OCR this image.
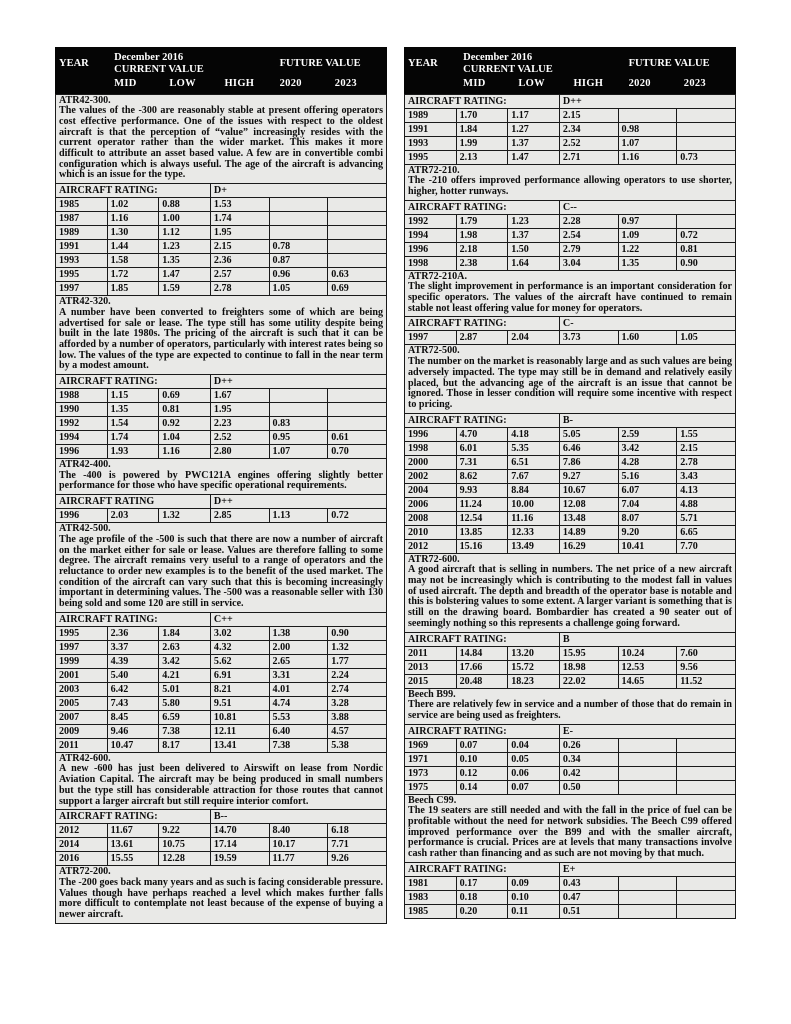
YEAR	December 2016
CURRENT VALUE			FUTURE VALUE	
	MID	LOW	HIGH	2020	2023
ATR42-300.
The values of the -300 are reasonably stable at present offering operators cost effective performance. One of the issues with respect to the oldest aircraft is that the perception of “value” increasingly resides with the current operator rather than the wider market. This makes it more difficult to attribute an asset based value. A few are in convertible combi configuration which is always useful. The age of the aircraft is advancing which is an issue for the type.
AIRCRAFT RATING:			D+		
1985	1.02	0.88	1.53		
1987	1.16	1.00	1.74		
1989	1.30	1.12	1.95		
1991	1.44	1.23	2.15	0.78	
1993	1.58	1.35	2.36	0.87	
1995	1.72	1.47	2.57	0.96	0.63
1997	1.85	1.59	2.78	1.05	0.69
ATR42-320.
A number have been converted to freighters some of which are being advertised for sale or lease. The type still has some utility despite being built in the late 1980s. The pricing of the aircraft is such that it can be afforded by a number of operators, particularly with interest rates being so low. The values of the type are expected to continue to fall in the near term by a modest amount.
AIRCRAFT RATING:			D++		
1988	1.15	0.69	1.67		
1990	1.35	0.81	1.95		
1992	1.54	0.92	2.23	0.83	
1994	1.74	1.04	2.52	0.95	0.61
1996	1.93	1.16	2.80	1.07	0.70
ATR42-400.
The -400 is powered by PWC121A engines offering slightly better performance for those who have specific operational requirements.
AIRCRAFT RATING			D++		
1996	2.03	1.32	2.85	1.13	0.72
ATR42-500.
The age profile of the -500 is such that there are now a number of aircraft on the market either for sale or lease. Values are therefore falling to some degree. The aircraft remains very useful to a range of operators and the reluctance to order new examples is to the benefit of the used market. The condition of the aircraft can vary such that this is becoming increasingly important in determining values. The -500 was a reasonable seller with 130 being sold and some 120 are still in service.
AIRCRAFT RATING:			C++		
1995	2.36	1.84	3.02	1.38	0.90
1997	3.37	2.63	4.32	2.00	1.32
1999	4.39	3.42	5.62	2.65	1.77
2001	5.40	4.21	6.91	3.31	2.24
2003	6.42	5.01	8.21	4.01	2.74
2005	7.43	5.80	9.51	4.74	3.28
2007	8.45	6.59	10.81	5.53	3.88
2009	9.46	7.38	12.11	6.40	4.57
2011	10.47	8.17	13.41	7.38	5.38
ATR42-600.
A new -600 has just been delivered to Airswift on lease from Nordic Aviation Capital. The aircraft may be being produced in small numbers but the type still has considerable attraction for those routes that cannot support a larger aircraft but still require interior comfort.
AIRCRAFT RATING:			B--		
2012	11.67	9.22	14.70	8.40	6.18
2014	13.61	10.75	17.14	10.17	7.71
2016	15.55	12.28	19.59	11.77	9.26
ATR72-200.
The -200 goes back many years and as such is facing considerable pressure. Values though have perhaps reached a level which makes further falls more difficult to contemplate not least because of the expense of buying a newer aircraft.
YEAR	December 2016
CURRENT VALUE			FUTURE VALUE	
	MID	LOW	HIGH	2020	2023
AIRCRAFT RATING:			D++		
1989	1.70	1.17	2.15		
1991	1.84	1.27	2.34	0.98	
1993	1.99	1.37	2.52	1.07	
1995	2.13	1.47	2.71	1.16	0.73
ATR72-210.
The -210 offers improved performance allowing operators to use shorter, higher, hotter runways.
AIRCRAFT RATING:			C--		
1992	1.79	1.23	2.28	0.97	
1994	1.98	1.37	2.54	1.09	0.72
1996	2.18	1.50	2.79	1.22	0.81
1998	2.38	1.64	3.04	1.35	0.90
ATR72-210A.
The slight improvement in performance is an important consideration for specific operators. The values of the aircraft have continued to remain stable not least offering value for money for operators.
AIRCRAFT RATING:			C-		
1997	2.87	2.04	3.73	1.60	1.05
ATR72-500.
The number on the market is reasonably large and as such values are being adversely impacted. The type may still be in demand and relatively easily placed, but the advancing age of the aircraft is an issue that cannot be ignored. Those in lesser condition will require some incentive with respect to pricing.
AIRCRAFT RATING:			B-		
1996	4.70	4.18	5.05	2.59	1.55
1998	6.01	5.35	6.46	3.42	2.15
2000	7.31	6.51	7.86	4.28	2.78
2002	8.62	7.67	9.27	5.16	3.43
2004	9.93	8.84	10.67	6.07	4.13
2006	11.24	10.00	12.08	7.04	4.88
2008	12.54	11.16	13.48	8.07	5.71
2010	13.85	12.33	14.89	9.20	6.65
2012	15.16	13.49	16.29	10.41	7.70
ATR72-600.
A good aircraft that is selling in numbers. The net price of a new aircraft may not be increasingly which is contributing to the modest fall in values of used aircraft. The depth and breadth of the operator base is notable and this is bolstering values to some extent. A larger variant is something that is still on the drawing board. Bombardier has created a 90 seater out of seemingly nothing so this represents a challenge going forward.
AIRCRAFT RATING:			B		
2011	14.84	13.20	15.95	10.24	7.60
2013	17.66	15.72	18.98	12.53	9.56
2015	20.48	18.23	22.02	14.65	11.52
Beech B99.
There are relatively few in service and a number of those that do remain in service are being used as freighters.
AIRCRAFT RATING:			E-		
1969	0.07	0.04	0.26		
1971	0.10	0.05	0.34		
1973	0.12	0.06	0.42		
1975	0.14	0.07	0.50		
Beech C99.
The 19 seaters are still needed and with the fall in the price of fuel can be profitable without the need for network subsidies. The Beech C99 offered improved performance over the B99 and with the smaller aircraft, performance is crucial. Prices are at levels that many transactions involve cash rather than financing and as such are not moving by that much.
AIRCRAFT RATING:			E+		
1981	0.17	0.09	0.43		
1983	0.18	0.10	0.47		
1985	0.20	0.11	0.51		
